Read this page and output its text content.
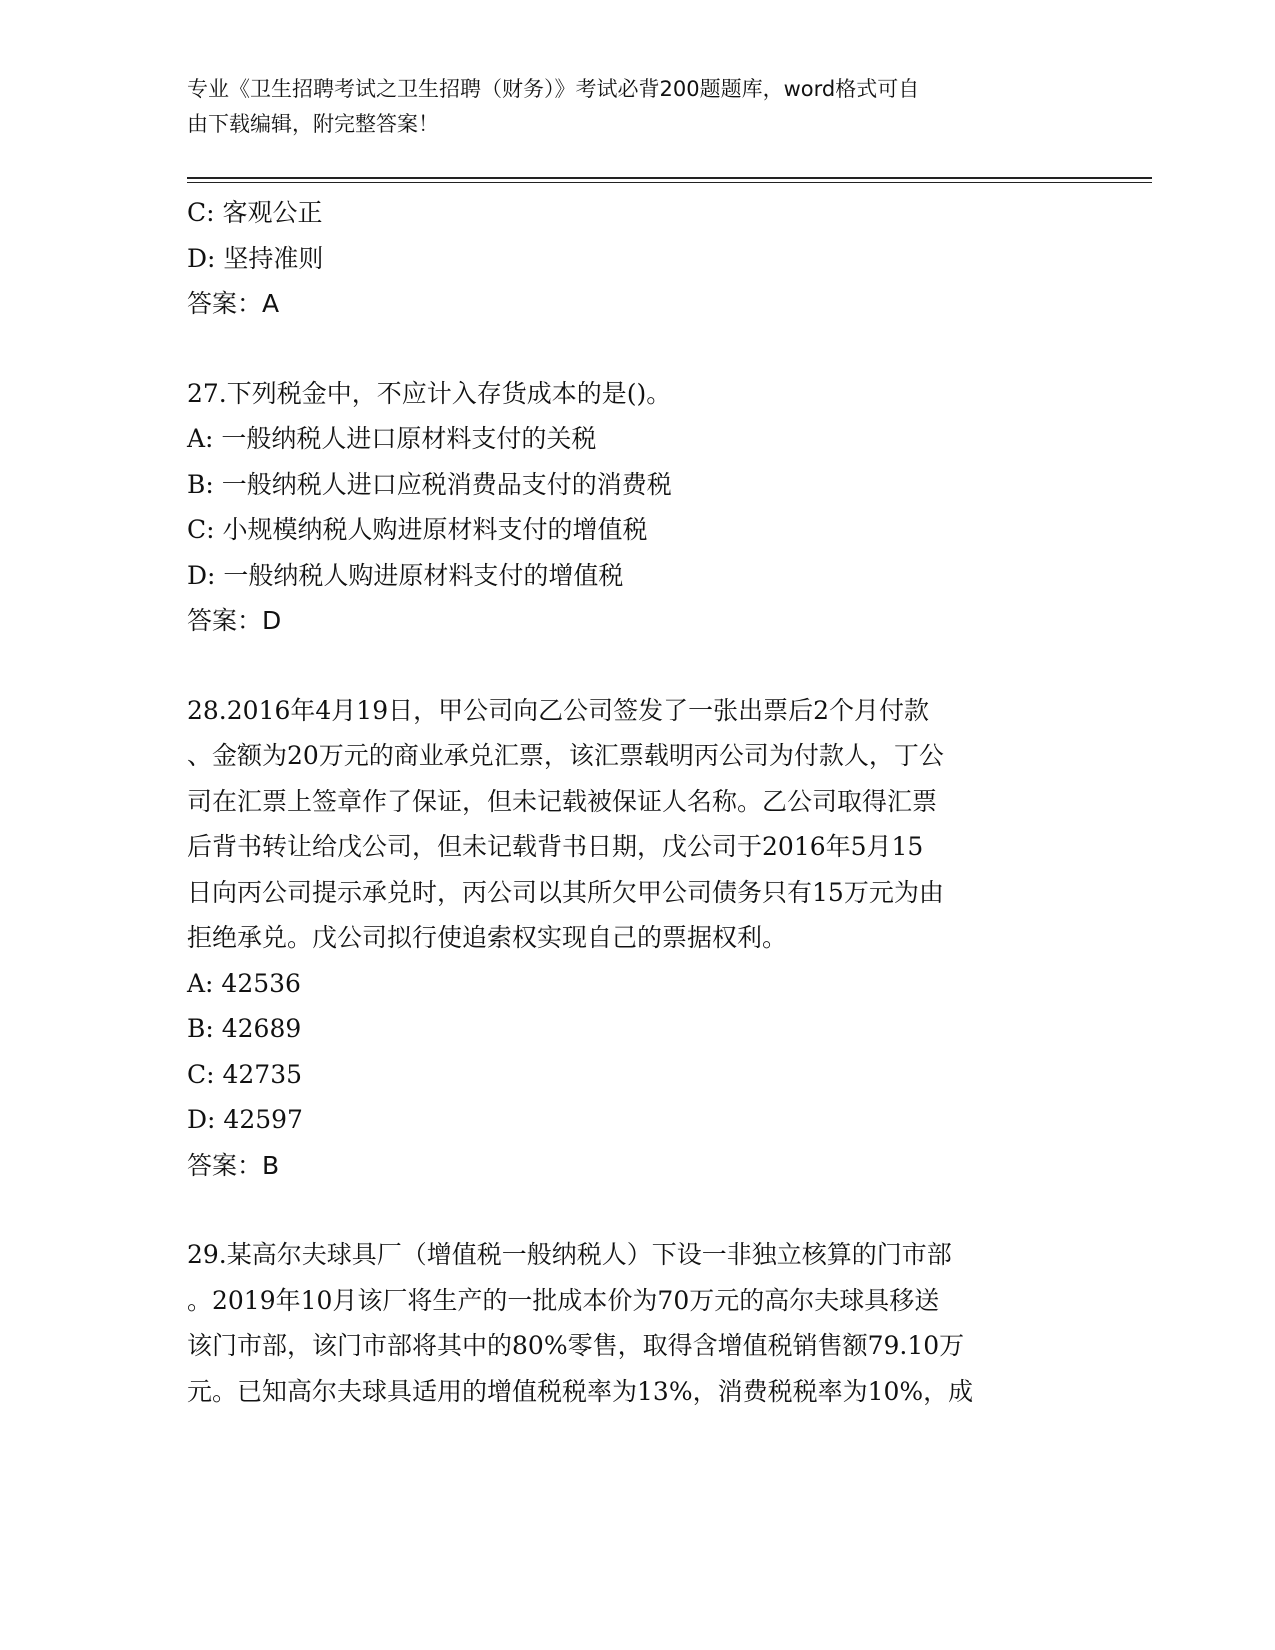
专业《卫生招聘考试之卫生招聘（财务）》考试必背200题题库，word格式可自
由下载编辑，附完整答案！
C: 客观公正
D: 坚持准则
答案：A
27.下列税金中，不应计入存货成本的是()。
A: 一般纳税人进口原材料支付的关税
B: 一般纳税人进口应税消费品支付的消费税
C: 小规模纳税人购进原材料支付的增值税
D: 一般纳税人购进原材料支付的增值税
答案：D
28.2016年4月19日，甲公司向乙公司签发了一张出票后2个月付款
、金额为20万元的商业承兑汇票，该汇票载明丙公司为付款人，丁公
司在汇票上签章作了保证，但未记载被保证人名称。乙公司取得汇票
后背书转让给戊公司，但未记载背书日期，戊公司于2016年5月15
日向丙公司提示承兑时，丙公司以其所欠甲公司债务只有15万元为由
拒绝承兑。戊公司拟行使追索权实现自己的票据权利。
A: 42536
B: 42689
C: 42735
D: 42597
答案：B
29.某高尔夫球具厂（增值税一般纳税人）下设一非独立核算的门市部
。2019年10月该厂将生产的一批成本价为70万元的高尔夫球具移送
该门市部，该门市部将其中的80%零售，取得含增值税销售额79.10万
元。已知高尔夫球具适用的增值税税率为13%，消费税税率为10%，成
